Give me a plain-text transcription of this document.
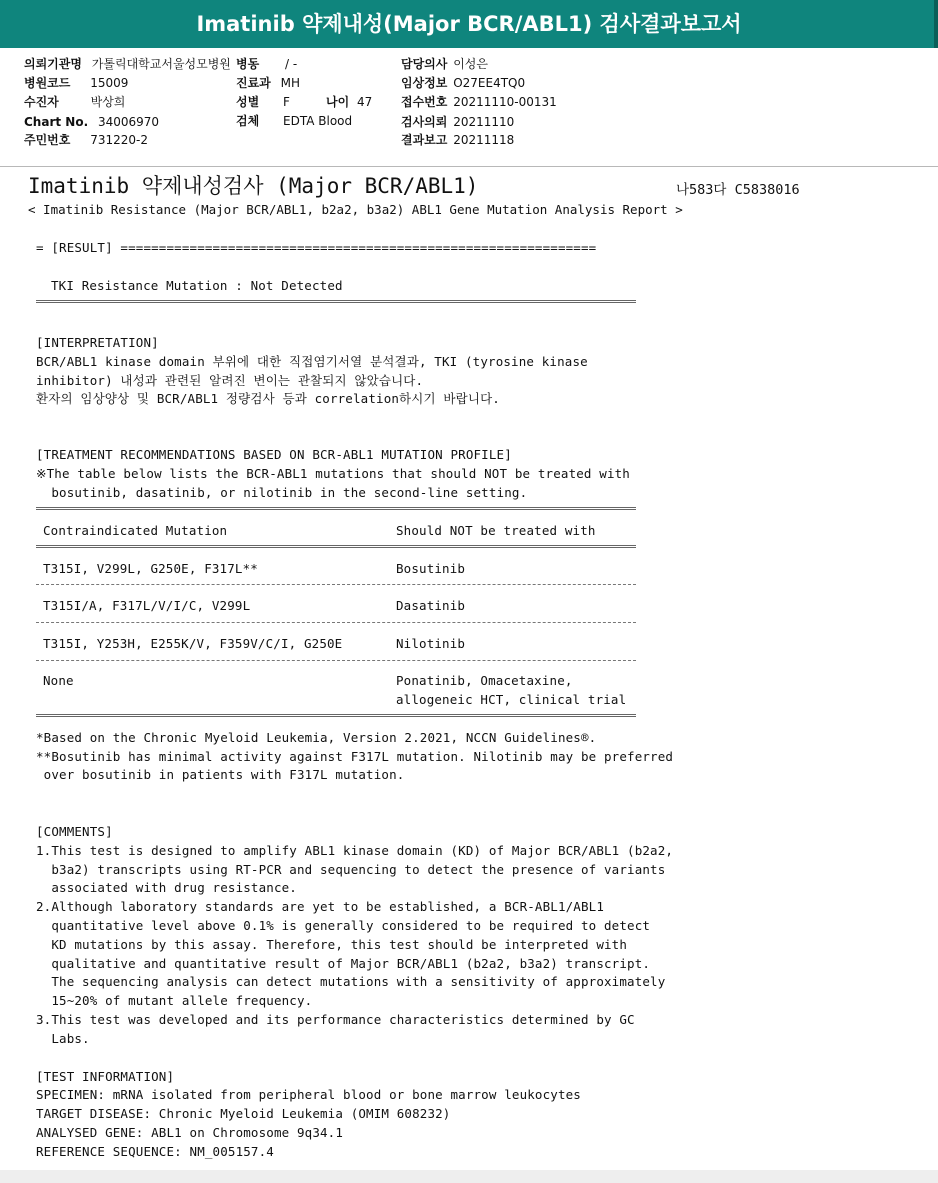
Imatinib 약제내성(Major BCR/ABL1) 검사결과보고서
의뢰기관명 가톨릭대학교서울성모병원 병동 / -	담당의사 이성은
병원코드 15009	진료과 MH	임상정보 O27EE4TQ0
수진자	박상희	성별 F	나이 47 접수번호 20211110-00131
Chart No. 34006970	검체 EDTA Blood	검사의뢰 20211110
주민번호 731220-2	결과보고 20211118
Imatinib 약제내성검사 (Major BCR/ABL1)	나583다 C5838016
< Imatinib Resistance (Major BCR/ABL1, b2a2, b3a2) ABL1 Gene Mutation Analysis Report >
= [RESULT] ==============================================================
TKI Resistance Mutation : Not Detected
[INTERPRETATION]
BCR/ABL1 kinase domain 부위에 대한 직접염기서열 분석결과, TKI (tyrosine kinase
inhibitor) 내성과 관련된 알려진 변이는 관찰되지 않았습니다.
환자의 임상양상 및 BCR/ABL1 정량검사 등과 correlation하시기 바랍니다.
[TREATMENT RECOMMENDATIONS BASED ON BCR-ABL1 MUTATION PROFILE]
※The table below lists the BCR-ABL1 mutations that should NOT be treated with
bosutinib, dasatinib, or nilotinib in the second-line setting.
Contraindicated Mutation	Should NOT be treated with
T315I, V299L, G250E, F317L**	Bosutinib
T315I/A, F317L/V/I/C, V299L	Dasatinib
T315I, Y253H, E255K/V, F359V/C/I, G250E	Nilotinib
None	Ponatinib, Omacetaxine,
allogeneic HCT, clinical trial
*Based on the Chronic Myeloid Leukemia, Version 2.2021, NCCN Guidelines®.
**Bosutinib has minimal activity against F317L mutation. Nilotinib may be preferred
over bosutinib in patients with F317L mutation.
[COMMENTS]
1.This test is designed to amplify ABL1 kinase domain (KD) of Major BCR/ABL1 (b2a2,
b3a2) transcripts using RT-PCR and sequencing to detect the presence of variants
associated with drug resistance.
2.Although laboratory standards are yet to be established, a BCR-ABL1/ABL1
quantitative level above 0.1% is generally considered to be required to detect
KD mutations by this assay. Therefore, this test should be interpreted with
qualitative and quantitative result of Major BCR/ABL1 (b2a2, b3a2) transcript.
The sequencing analysis can detect mutations with a sensitivity of approximately
15~20% of mutant allele frequency.
3.This test was developed and its performance characteristics determined by GC
Labs.
[TEST INFORMATION]
SPECIMEN: mRNA isolated from peripheral blood or bone marrow leukocytes
TARGET DISEASE: Chronic Myeloid Leukemia (OMIM 608232)
ANALYSED GENE: ABL1 on Chromosome 9q34.1
REFERENCE SEQUENCE: NM_005157.4
